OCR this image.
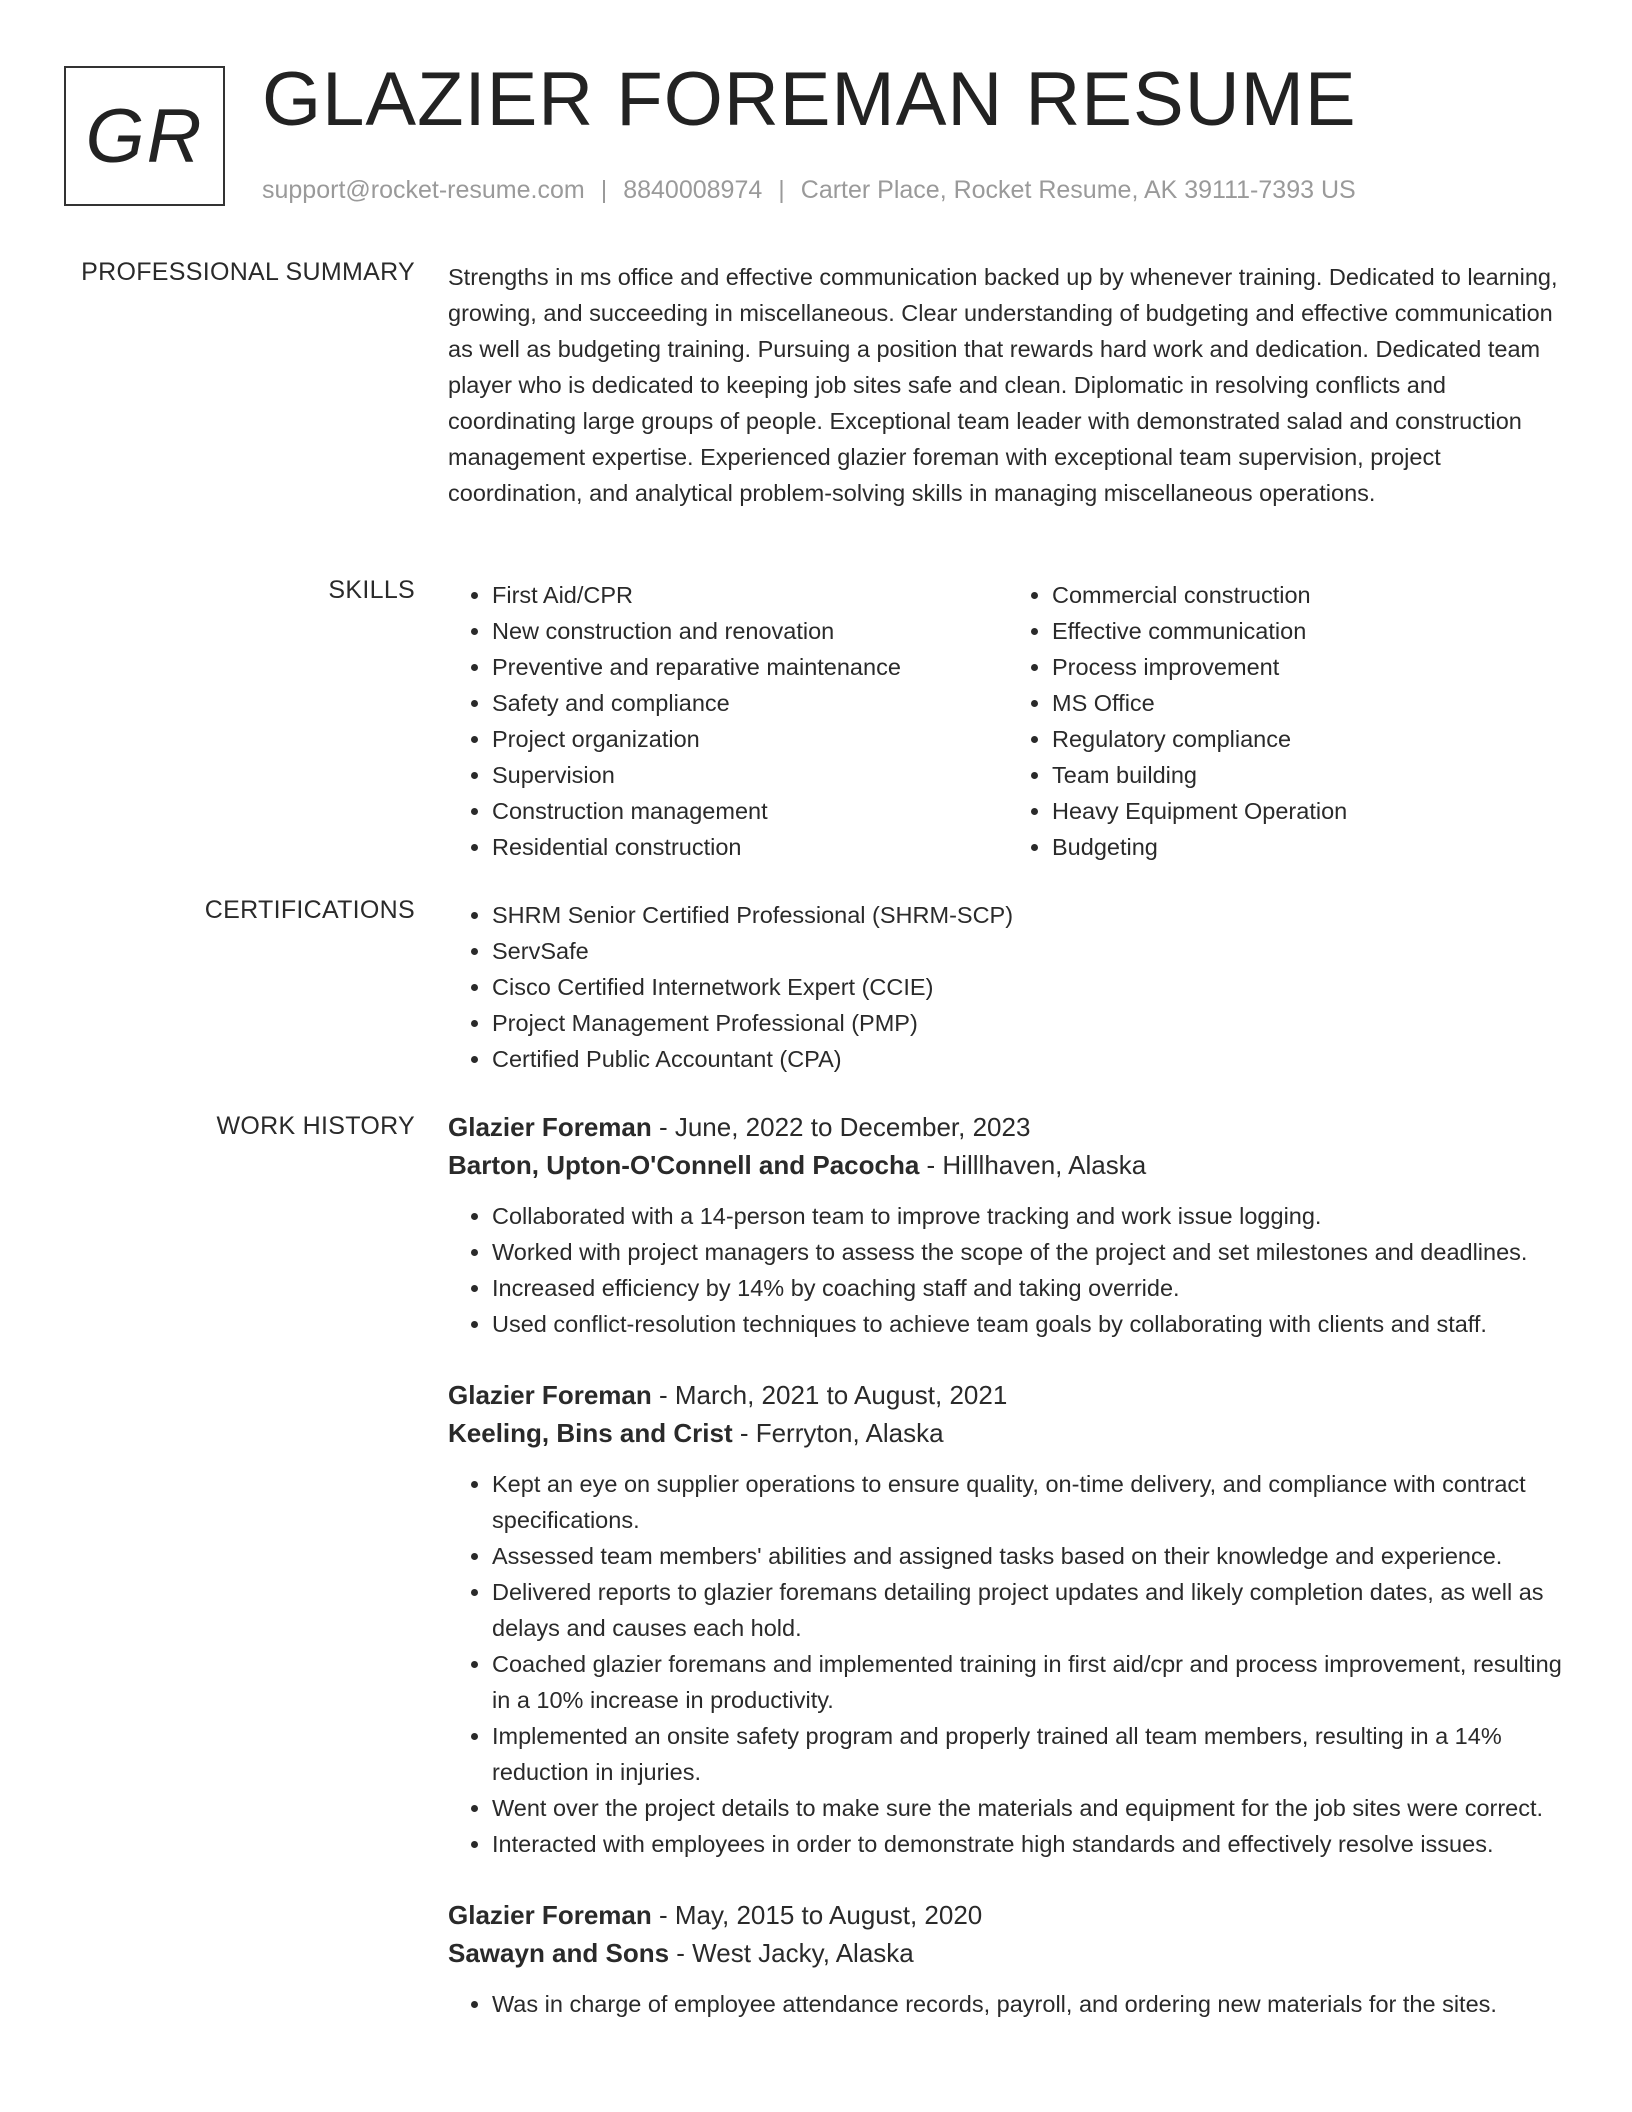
GR GLAZIER FOREMAN RESUME
support@rocket-resume.com | 8840008974 | Carter Place, Rocket Resume, AK 39111-7393 US
PROFESSIONAL SUMMARY Strengths in ms office and effective communication backed up by whenever training. Dedicated to learning, growing, and succeeding in miscellaneous. Clear understanding of budgeting and effective communication as well as budgeting training. Pursuing a position that rewards hard work and dedication. Dedicated team player who is dedicated to keeping job sites safe and clean. Diplomatic in resolving conflicts and coordinating large groups of people. Exceptional team leader with demonstrated salad and construction management expertise. Experienced glazier foreman with exceptional team supervision, project coordination, and analytical problem-solving skills in managing miscellaneous operations.
SKILLS	• First Aid/CPR
• New construction and renovation
• Preventive and reparative maintenance
• Safety and compliance
• Project organization
• Supervision
• Construction management
• Residential construction
• Commercial construction
• Effective communication
• Process improvement
• MS Office
• Regulatory compliance
• Team building
• Heavy Equipment Operation
• Budgeting
CERTIFICATIONS	• SHRM Senior Certified Professional (SHRM-SCP)
• ServSafe
• Cisco Certified Internetwork Expert (CCIE)
• Project Management Professional (PMP)
• Certified Public Accountant (CPA)
WORK HISTORY Glazier Foreman - June, 2022 to December, 2023
Barton, Upton-O'Connell and Pacocha - Hilllhaven, Alaska
• Collaborated with a 14-person team to improve tracking and work issue logging.
• Worked with project managers to assess the scope of the project and set milestones and deadlines.
• Increased efficiency by 14% by coaching staff and taking override.
• Used conflict-resolution techniques to achieve team goals by collaborating with clients and staff.
Glazier Foreman - March, 2021 to August, 2021
Keeling, Bins and Crist - Ferryton, Alaska
• Kept an eye on supplier operations to ensure quality, on-time delivery, and compliance with contract specifications.
• Assessed team members' abilities and assigned tasks based on their knowledge and experience.
• Delivered reports to glazier foremans detailing project updates and likely completion dates, as well as delays and causes each hold.
• Coached glazier foremans and implemented training in first aid/cpr and process improvement, resulting in a 10% increase in productivity.
• Implemented an onsite safety program and properly trained all team members, resulting in a 14% reduction in injuries.
• Went over the project details to make sure the materials and equipment for the job sites were correct.
• Interacted with employees in order to demonstrate high standards and effectively resolve issues.
Glazier Foreman - May, 2015 to August, 2020
Sawayn and Sons - West Jacky, Alaska
• Was in charge of employee attendance records, payroll, and ordering new materials for the sites.
